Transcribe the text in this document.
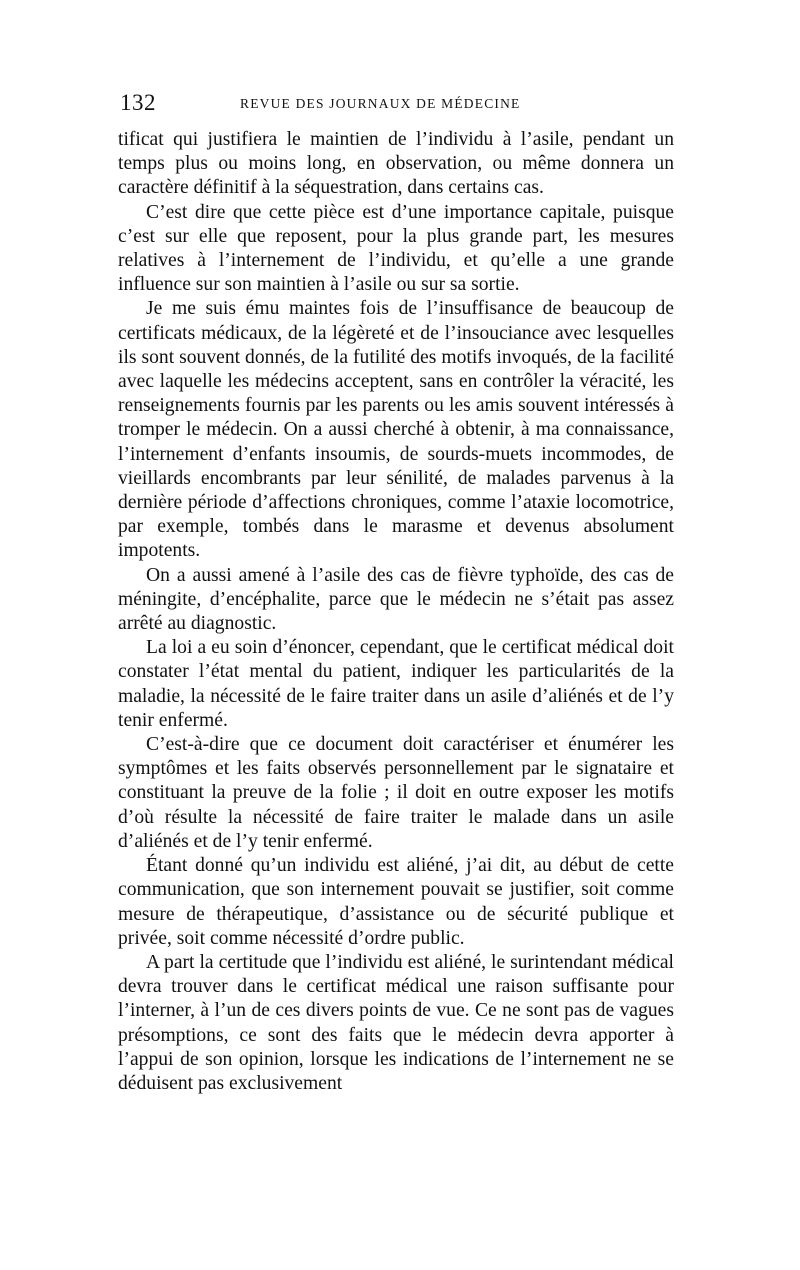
132	REVUE DES JOURNAUX DE MÉDECINE

tificat qui justifiera le maintien de l’individu à l’asile, pendant un temps plus ou moins long, en observation, ou même donnera un caractère définitif à la séquestration, dans certains cas.

C’est dire que cette pièce est d’une importance capitale, puisque c’est sur elle que reposent, pour la plus grande part, les mesures relatives à l’internement de l’individu, et qu’elle a une grande influence sur son maintien à l’asile ou sur sa sortie.

Je me suis ému maintes fois de l’insuffisance de beaucoup de certificats médicaux, de la légèreté et de l’insouciance avec lesquelles ils sont souvent donnés, de la futilité des motifs invoqués, de la facilité avec laquelle les médecins acceptent, sans en contrôler la véracité, les renseignements fournis par les parents ou les amis souvent intéressés à tromper le médecin. On a aussi cherché à obtenir, à ma connaissance, l’internement d’enfants insoumis, de sourds-muets incommodes, de vieillards encombrants par leur sénilité, de malades parvenus à la dernière période d’affections chroniques, comme l’ataxie locomotrice, par exemple, tombés dans le marasme et devenus absolument impotents.

On a aussi amené à l’asile des cas de fièvre typhoïde, des cas de méningite, d’encéphalite, parce que le médecin ne s’était pas assez arrêté au diagnostic.

La loi a eu soin d’énoncer, cependant, que le certificat médical doit constater l’état mental du patient, indiquer les particularités de la maladie, la nécessité de le faire traiter dans un asile d’aliénés et de l’y tenir enfermé.

C’est-à-dire que ce document doit caractériser et énumérer les symptômes et les faits observés personnellement par le signataire et constituant la preuve de la folie ; il doit en outre exposer les motifs d’où résulte la nécessité de faire traiter le malade dans un asile d’aliénés et de l’y tenir enfermé.

Étant donné qu’un individu est aliéné, j’ai dit, au début de cette communication, que son internement pouvait se justifier, soit comme mesure de thérapeutique, d’assistance ou de sécurité publique et privée, soit comme nécessité d’ordre public.

A part la certitude que l’individu est aliéné, le surintendant médical devra trouver dans le certificat médical une raison suffisante pour l’interner, à l’un de ces divers points de vue. Ce ne sont pas de vagues présomptions, ce sont des faits que le médecin devra apporter à l’appui de son opinion, lorsque les indications de l’internement ne se déduisent pas exclusivement
